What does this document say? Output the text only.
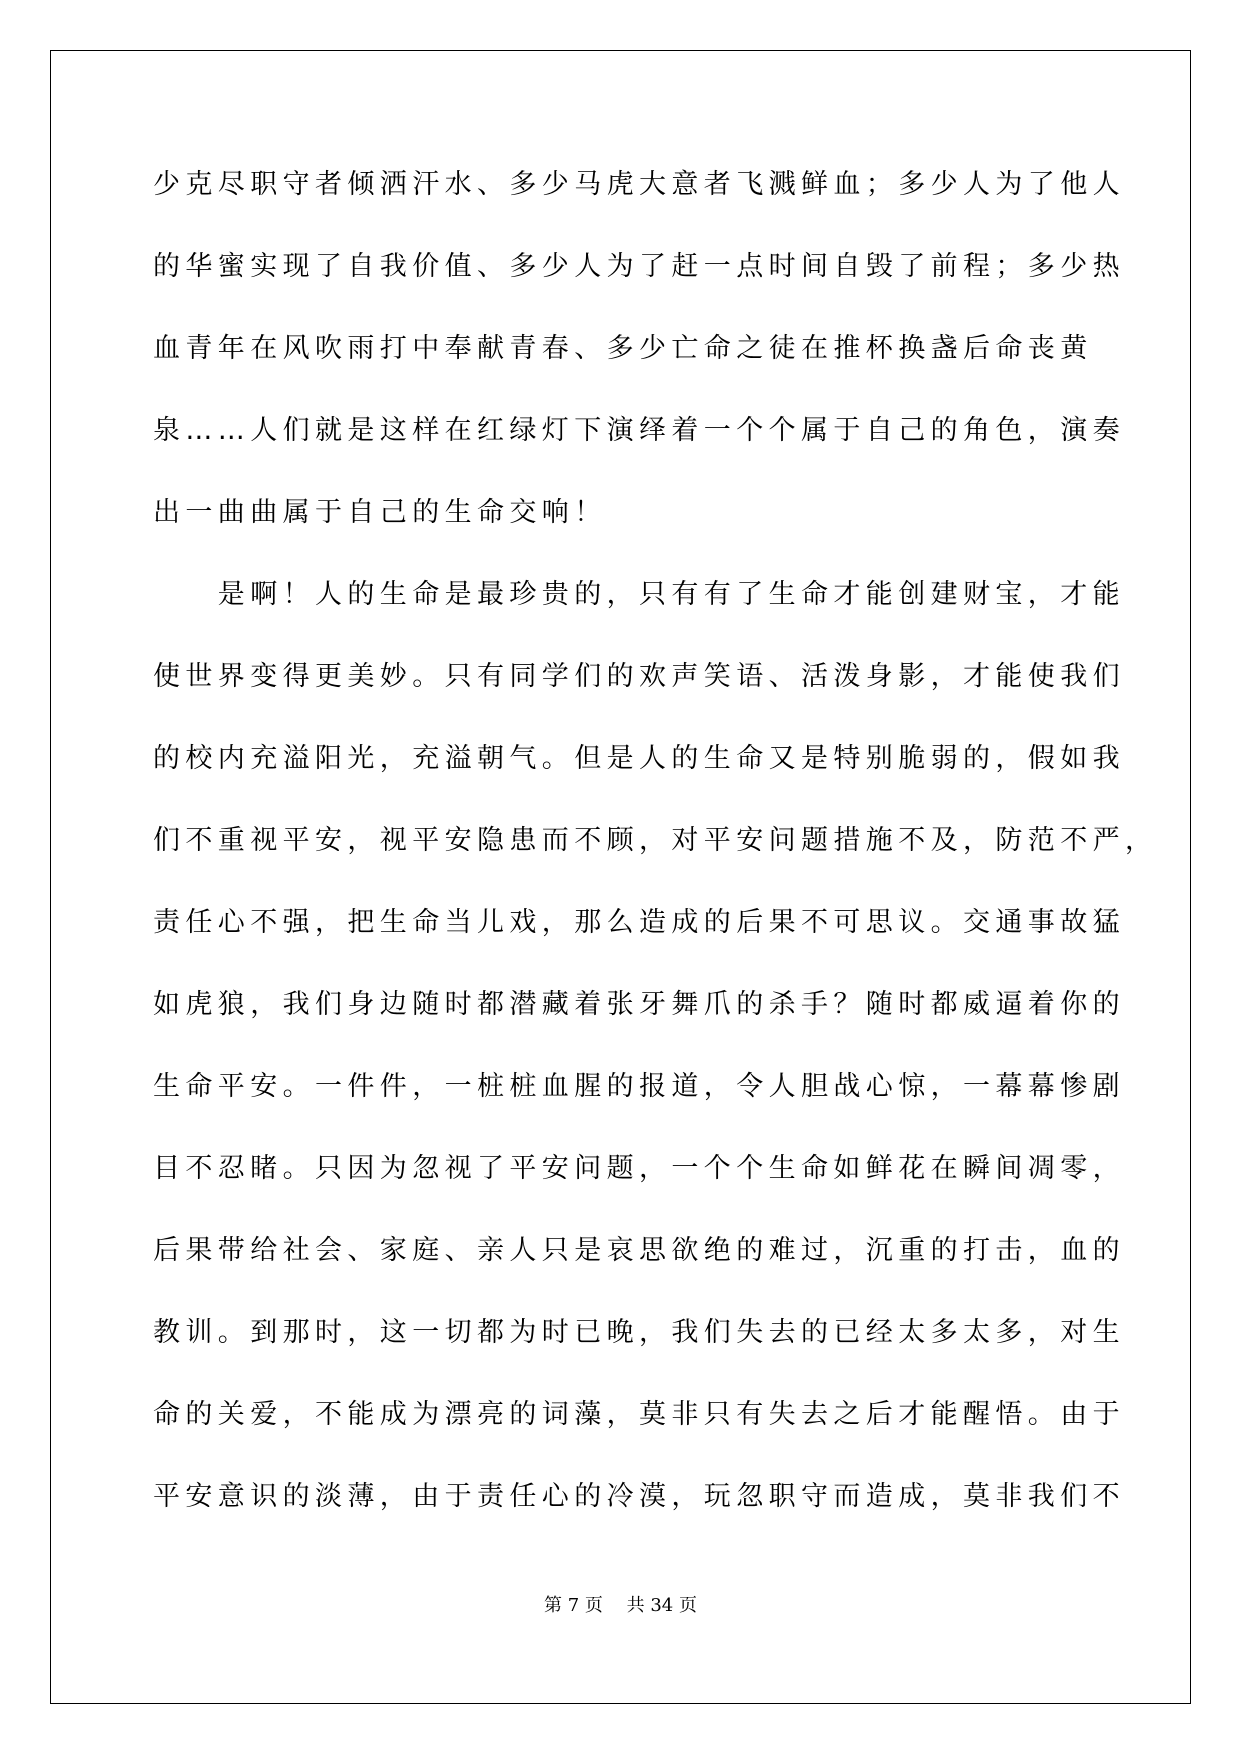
少克尽职守者倾洒汗水、多少马虎大意者飞溅鲜血；多少人为了他人
的华蜜实现了自我价值、多少人为了赶一点时间自毁了前程；多少热
血青年在风吹雨打中奉献青春、多少亡命之徒在推杯换盏后命丧黄
泉……人们就是这样在红绿灯下演绎着一个个属于自己的角色，演奏
出一曲曲属于自己的生命交响！
　　是啊！人的生命是最珍贵的，只有有了生命才能创建财宝，才能
使世界变得更美妙。只有同学们的欢声笑语、活泼身影，才能使我们
的校内充溢阳光，充溢朝气。但是人的生命又是特别脆弱的，假如我
们不重视平安，视平安隐患而不顾，对平安问题措施不及，防范不严，
责任心不强，把生命当儿戏，那么造成的后果不可思议。交通事故猛
如虎狼，我们身边随时都潜藏着张牙舞爪的杀手？随时都威逼着你的
生命平安。一件件，一桩桩血腥的报道，令人胆战心惊，一幕幕惨剧
目不忍睹。只因为忽视了平安问题，一个个生命如鲜花在瞬间凋零，
后果带给社会、家庭、亲人只是哀思欲绝的难过，沉重的打击，血的
教训。到那时，这一切都为时已晚，我们失去的已经太多太多，对生
命的关爱，不能成为漂亮的词藻，莫非只有失去之后才能醒悟。由于
平安意识的淡薄，由于责任心的冷漠，玩忽职守而造成，莫非我们不
第 7 页　 共 34 页
